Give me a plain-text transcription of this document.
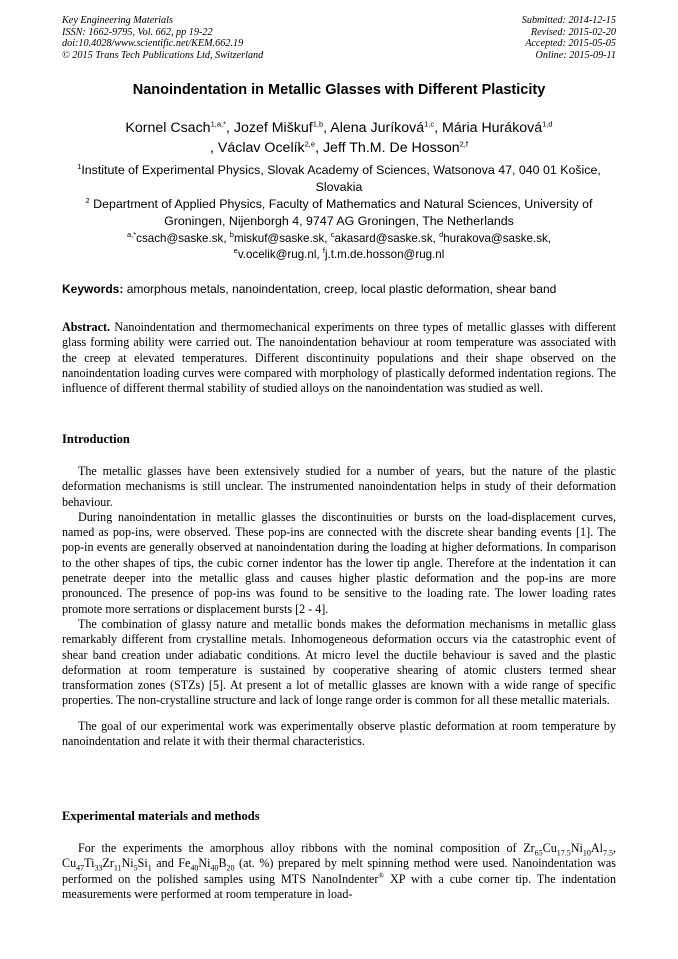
Key Engineering Materials
ISSN: 1662-9795, Vol. 662, pp 19-22
doi:10.4028/www.scientific.net/KEM.662.19
© 2015 Trans Tech Publications Ltd, Switzerland
Submitted: 2014-12-15
Revised: 2015-02-20
Accepted: 2015-05-05
Online: 2015-09-11
Nanoindentation in Metallic Glasses with Different Plasticity
Kornel Csach$^{1,a,*}$, Jozef Miškuf$^{1,b}$, Alena Juríková$^{1,c}$, Mária Huráková$^{1,d}$
, Václav Ocelík$^{2,e}$, Jeff Th.M. De Hosson$^{2,f}$
$^1$Institute of Experimental Physics, Slovak Academy of Sciences, Watsonova 47, 040 01 Košice, Slovakia
$^2$ Department of Applied Physics, Faculty of Mathematics and Natural Sciences, University of Groningen, Nijenborgh 4, 9747 AG Groningen, The Netherlands
$^{a,*}$csach@saske.sk, $^b$miskuf@saske.sk, $^c$akasard@saske.sk, $^d$hurakova@saske.sk,
$^e$v.ocelik@rug.nl, $^f$j.t.m.de.hosson@rug.nl
Keywords: amorphous metals, nanoindentation, creep, local plastic deformation, shear band

Abstract. Nanoindentation and thermomechanical experiments on three types of metallic glasses with different glass forming ability were carried out. The nanoindentation behaviour at room temperature was associated with the creep at elevated temperatures. Different discontinuity populations and their shape observed on the nanoindentation loading curves were compared with morphology of plastically deformed indentation regions. The influence of different thermal stability of studied alloys on the nanoindentation was studied as well.

Introduction

The metallic glasses have been extensively studied for a number of years, but the nature of the plastic deformation mechanisms is still unclear. The instrumented nanoindentation helps in study of their deformation behaviour.

During nanoindentation in metallic glasses the discontinuities or bursts on the load-displacement curves, named as pop-ins, were observed. These pop-ins are connected with the discrete shear banding events [1]. The pop-in events are generally observed at nanoindentation during the loading at higher deformations. In comparison to the other shapes of tips, the cubic corner indentor has the lower tip angle. Therefore at the indentation it can penetrate deeper into the metallic glass and causes higher plastic deformation and the pop-ins are more pronounced. The presence of pop-ins was found to be sensitive to the loading rate. The lower loading rates promote more serrations or displacement bursts [2 - 4].

The combination of glassy nature and metallic bonds makes the deformation mechanisms in metallic glass remarkably different from crystalline metals. Inhomogeneous deformation occurs via the catastrophic event of shear band creation under adiabatic conditions. At micro level the ductile behaviour is saved and the plastic deformation at room temperature is sustained by cooperative shearing of atomic clusters termed shear transformation zones (STZs) [5]. At present a lot of metallic glasses are known with a wide range of specific properties. The non-crystalline structure and lack of longe range order is common for all these metallic materials.

The goal of our experimental work was experimentally observe plastic deformation at room temperature by nanoindentation and relate it with their thermal characteristics.

Experimental materials and methods

For the experiments the amorphous alloy ribbons with the nominal composition of $Zr_{65}Cu_{17.5}Ni_{10}Al_{7.5}$, $Cu_{47}Ti_{33}Zr_{11}Ni_5Si_1$ and $Fe_{40}Ni_{40}B_{20}$ (at. %) prepared by melt spinning method were used. Nanoindentation was performed on the polished samples using MTS NanoIndenter® XP with a cube corner tip. The indentation measurements were performed at room temperature in load-
